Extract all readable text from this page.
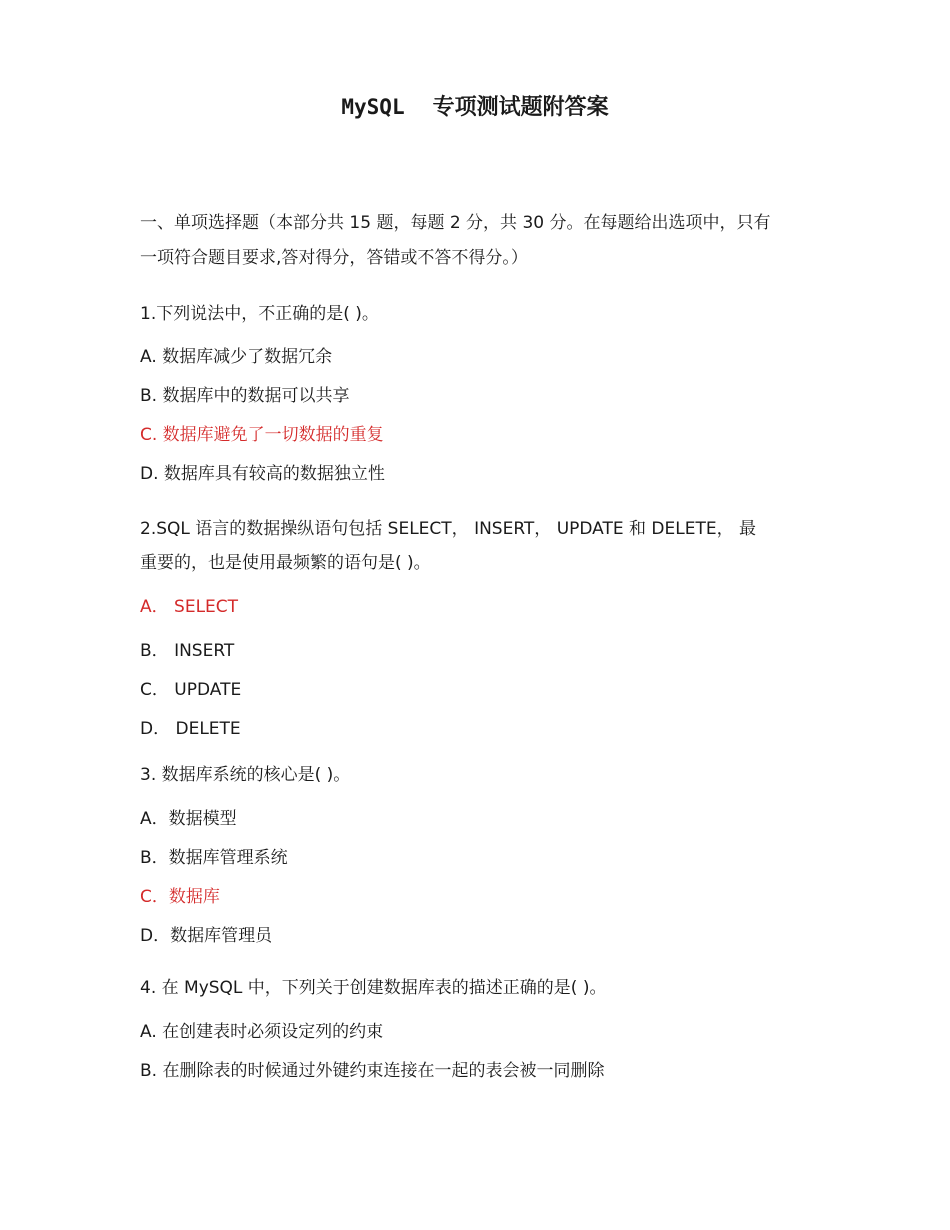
MySQL 专项测试题附答案
一、单项选择题（本部分共 15 题，每题 2 分，共 30 分。在每题给出选项中，只有
一项符合题目要求,答对得分，答错或不答不得分。）
1.下列说法中，不正确的是( )。
A. 数据库减少了数据冗余
B. 数据库中的数据可以共享
C. 数据库避免了一切数据的重复
D. 数据库具有较高的数据独立性
2.SQL 语言的数据操纵语句包括 SELECT， INSERT， UPDATE 和 DELETE， 最
重要的，也是使用最频繁的语句是( )。
A． SELECT
B． INSERT
C． UPDATE
D． DELETE
3. 数据库系统的核心是( )。
A．数据模型
B．数据库管理系统
C．数据库
D．数据库管理员
4. 在 MySQL 中，下列关于创建数据库表的描述正确的是( )。
A. 在创建表时必须设定列的约束
B. 在删除表的时候通过外键约束连接在一起的表会被一同删除
